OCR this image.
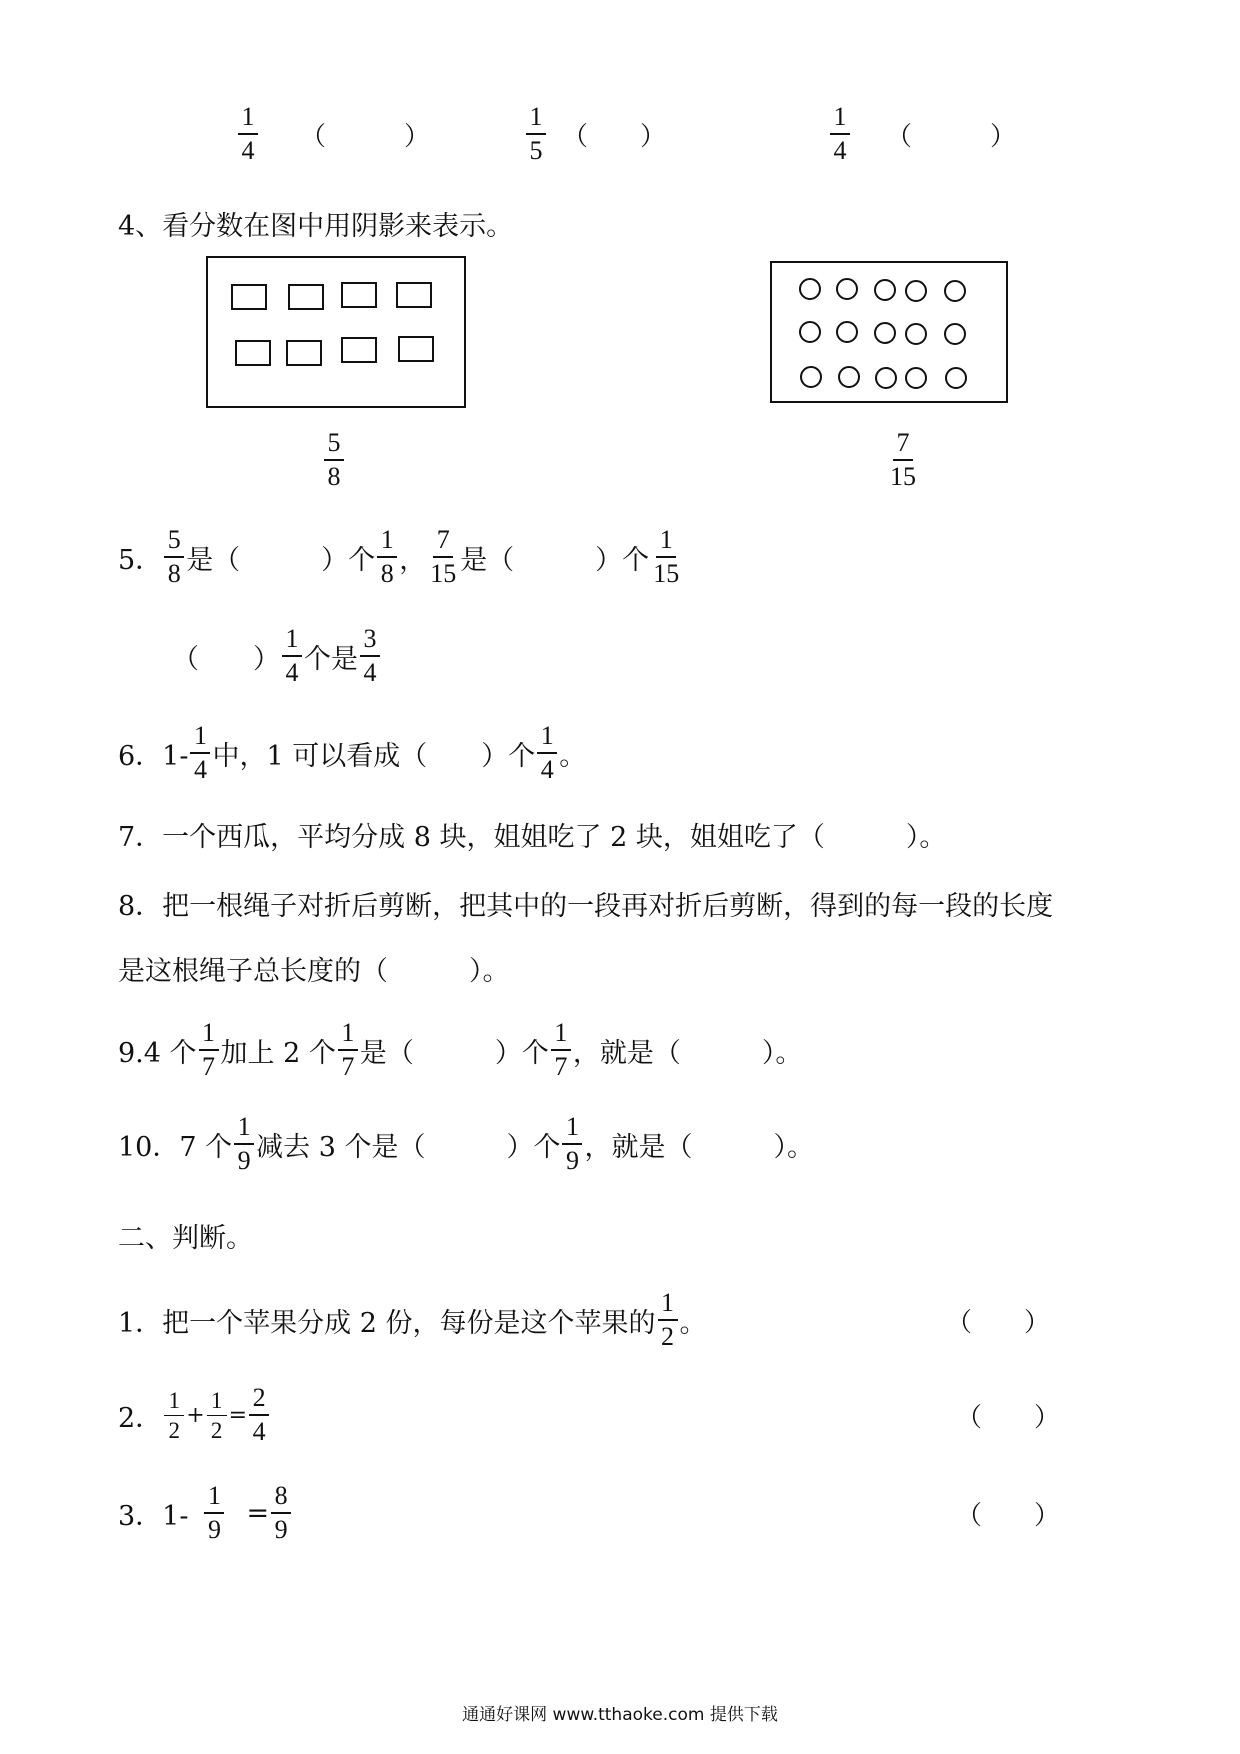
$\frac{1}{4}$ （　　　）	$\frac{1}{5}$ （　　）	$\frac{1}{4}$ （　　　）
4、看分数在图中用阴影来表示。
$\frac{5}{8}$	$\frac{7}{15}$
5． $\frac{5}{8}$ 是（　　　）个 $\frac{1}{8}$ ， $\frac{7}{15}$ 是（　　　）个 $\frac{1}{15}$
（　　） $\frac{1}{4}$ 个是 $\frac{3}{4}$
6．$1- \frac{1}{4}$ 中，1 可以看成（　　）个 $\frac{1}{4}$ 。
7．一个西瓜，平均分成 8 块，姐姐吃了 2 块，姐姐吃了（　　　）。
8．把一根绳子对折后剪断，把其中的一段再对折后剪断，得到的每一段的长度
是这根绳子总长度的（　　　）。
9.4 个 $\frac{1}{7}$ 加上 2 个 $\frac{1}{7}$ 是（　　　）个 $\frac{1}{7}$ ，就是（　　　）。
10．7 个 $\frac{1}{9}$ 减去 3 个是（　　　）个 $\frac{1}{9}$ ，就是（　　　）。
二、判断。
1．把一个苹果分成 2 份，每份是这个苹果的 $\frac{1}{2}$ 。	（　　）
2． $\frac{1}{2} + \frac{1}{2} = \frac{2}{4}$	（　　）
3．$1- \frac{1}{9} = \frac{8}{9}$	（　　）
通通好课网 www.tthaoke.com 提供下载
